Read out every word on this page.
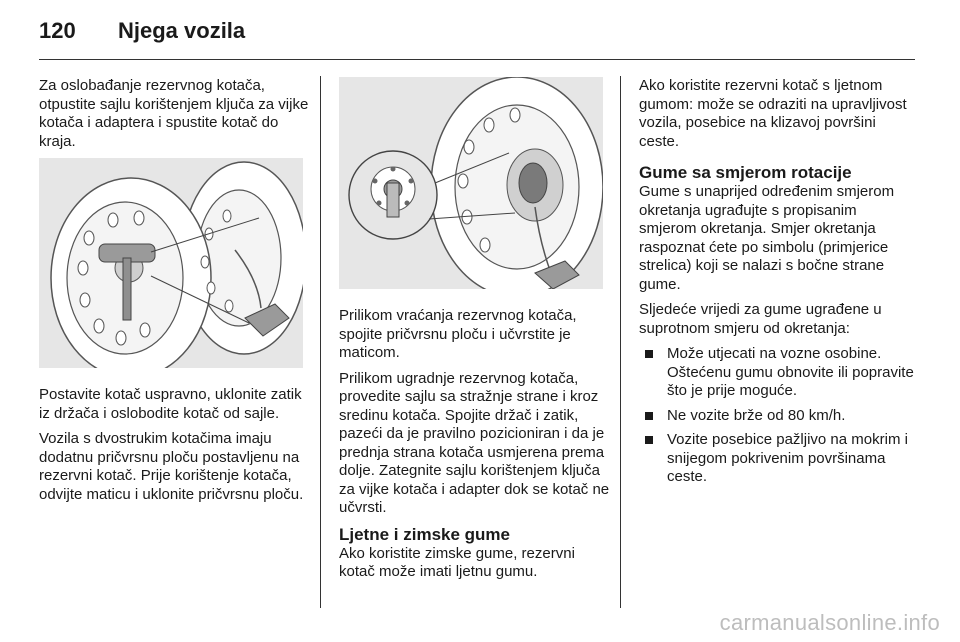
120 Njega vozila

Za oslobađanje rezervnog kotača, otpustite sajlu korištenjem ključa za vijke kotača i adaptera i spustite kotač do kraja.

Postavite kotač uspravno, uklonite zatik iz držača i oslobodite kotač od sajle.

Vozila s dvostrukim kotačima imaju dodatnu pričvrsnu ploču postavljenu na rezervni kotač. Prije korištenje kotača, odvijte maticu i uklonite pričvrsnu ploču.

Prilikom vraćanja rezervnog kotača, spojite pričvrsnu ploču i učvrstite je maticom.

Prilikom ugradnje rezervnog kotača, provedite sajlu sa stražnje strane i kroz sredinu kotača. Spojite držač i zatik, pazeći da je pravilno pozicioniran i da je prednja strana kotača usmjerena prema dolje. Zategnite sajlu korištenjem ključa za vijke kotača i adapter dok se kotač ne učvrsti.

Ljetne i zimske gume

Ako koristite zimske gume, rezervni kotač može imati ljetnu gumu.

Ako koristite rezervni kotač s ljetnom gumom: može se odraziti na upravljivost vozila, posebice na klizavoj površini ceste.

Gume sa smjerom rotacije

Gume s unaprijed određenim smjerom okretanja ugrađujte s propisanim smjerom okretanja. Smjer okretanja raspoznat ćete po simbolu (primjerice strelica) koji se nalazi s bočne strane gume.

Sljedeće vrijedi za gume ugrađene u suprotnom smjeru od okretanja:

Može utjecati na vozne osobine. Oštećenu gumu obnovite ili popravite što je prije moguće.
Ne vozite brže od 80 km/h.
Vozite posebice pažljivo na mokrim i snijegom pokrivenim površinama ceste.
carmanualsonline.info
